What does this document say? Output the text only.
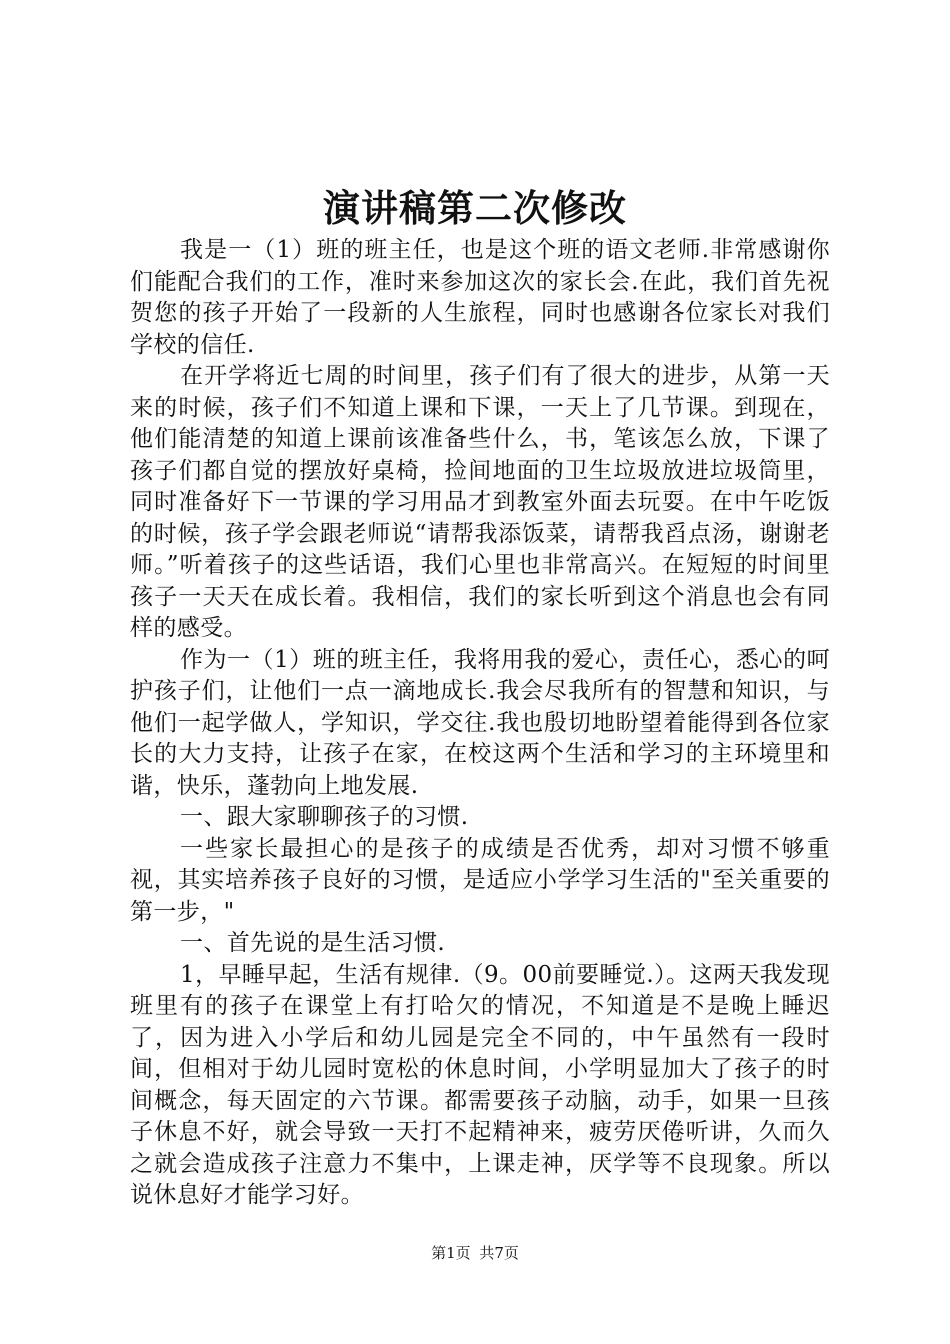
演讲稿第二次修改

我是一（1）班的班主任，也是这个班的语文老师.非常感谢你们能配合我们的工作，准时来参加这次的家长会.在此，我们首先祝贺您的孩子开始了一段新的人生旅程，同时也感谢各位家长对我们学校的信任.

在开学将近七周的时间里，孩子们有了很大的进步，从第一天来的时候，孩子们不知道上课和下课，一天上了几节课。到现在，他们能清楚的知道上课前该准备些什么，书，笔该怎么放，下课了孩子们都自觉的摆放好桌椅，捡间地面的卫生垃圾放进垃圾筒里，同时准备好下一节课的学习用品才到教室外面去玩耍。在中午吃饭的时候，孩子学会跟老师说“请帮我添饭菜，请帮我舀点汤，谢谢老师。”听着孩子的这些话语，我们心里也非常高兴。在短短的时间里孩子一天天在成长着。我相信，我们的家长听到这个消息也会有同样的感受。

作为一（1）班的班主任，我将用我的爱心，责任心，悉心的呵护孩子们，让他们一点一滴地成长.我会尽我所有的智慧和知识，与他们一起学做人，学知识，学交往.我也殷切地盼望着能得到各位家长的大力支持，让孩子在家，在校这两个生活和学习的主环境里和谐，快乐，蓬勃向上地发展.

一、跟大家聊聊孩子的习惯.

一些家长最担心的是孩子的成绩是否优秀，却对习惯不够重视，其实培养孩子良好的习惯，是适应小学学习生活的"至关重要的第一步，"

一、首先说的是生活习惯.

1，早睡早起，生活有规律.（9。00前要睡觉.）。这两天我发现班里有的孩子在课堂上有打哈欠的情况，不知道是不是晚上睡迟了，因为进入小学后和幼儿园是完全不同的，中午虽然有一段时间，但相对于幼儿园时宽松的休息时间，小学明显加大了孩子的时间概念，每天固定的六节课。都需要孩子动脑，动手，如果一旦孩子休息不好，就会导致一天打不起精神来，疲劳厌倦听讲，久而久之就会造成孩子注意力不集中，上课走神，厌学等不良现象。所以说休息好才能学习好。

第1页 共7页
